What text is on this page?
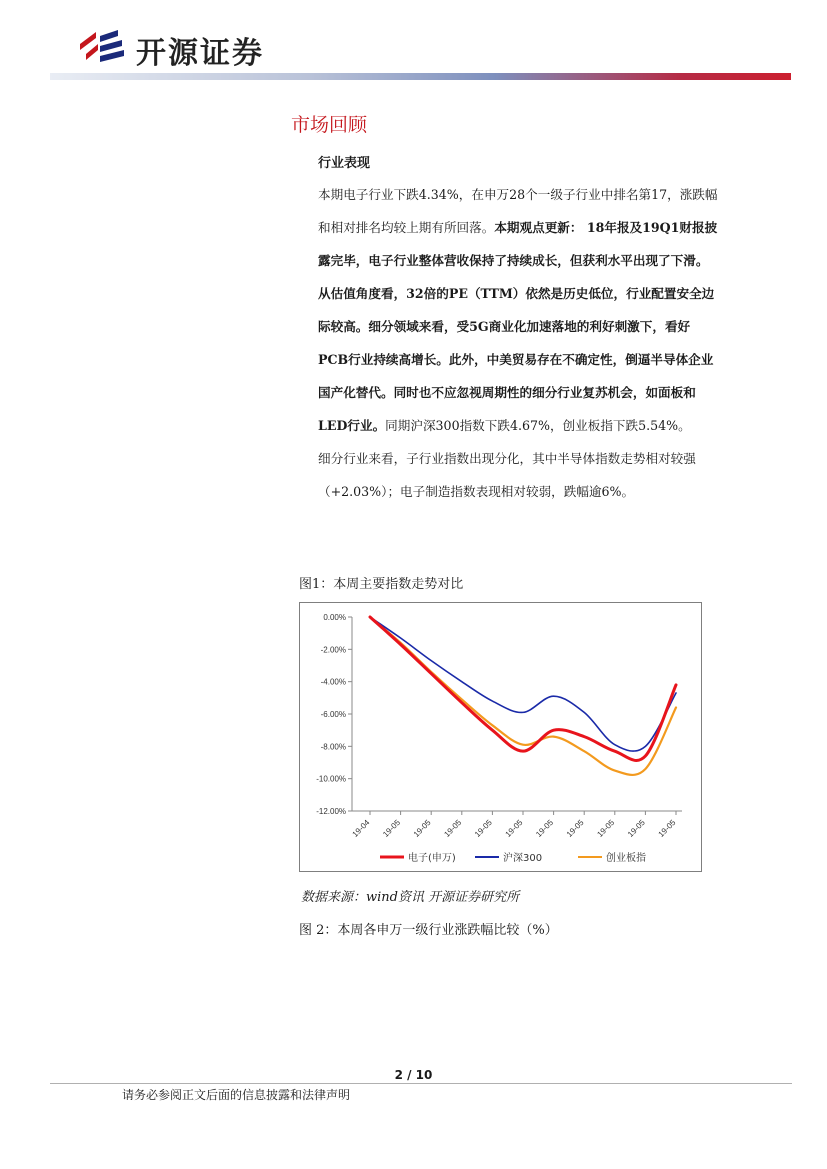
开源证券
市场回顾
行业表现

本期电子行业下跌4.34%，在申万28个一级子行业中排名第17，涨跌幅和相对排名均较上期有所回落。本期观点更新： 18年报及19Q1财报披露完毕，电子行业整体营收保持了持续成长，但获利水平出现了下滑。从估值角度看，32倍的PE（TTM）依然是历史低位，行业配置安全边际较高。细分领域来看，受5G商业化加速落地的利好刺激下，看好PCB行业持续高增长。此外，中美贸易存在不确定性，倒逼半导体企业国产化替代。同时也不应忽视周期性的细分行业复苏机会，如面板和LED行业。同期沪深300指数下跌4.67%，创业板指下跌5.54%。

细分行业来看，子行业指数出现分化，其中半导体指数走势相对较强（+2.03%）；电子制造指数表现相对较弱，跌幅逾6%。

图1：本周主要指数走势对比
0.00%
-2.00%
-4.00%
-6.00%
-8.00%
-10.00%
-12.00%
19-04 19-05 19-05 19-05 19-05 19-05 19-05 19-05 19-05 19-05 19-05
电子(申万)	沪深300	创业板指
数据来源：wind资讯 开源证券研究所
图 2：本周各申万一级行业涨跌幅比较（%）
2 / 10
请务必参阅正文后面的信息披露和法律声明
